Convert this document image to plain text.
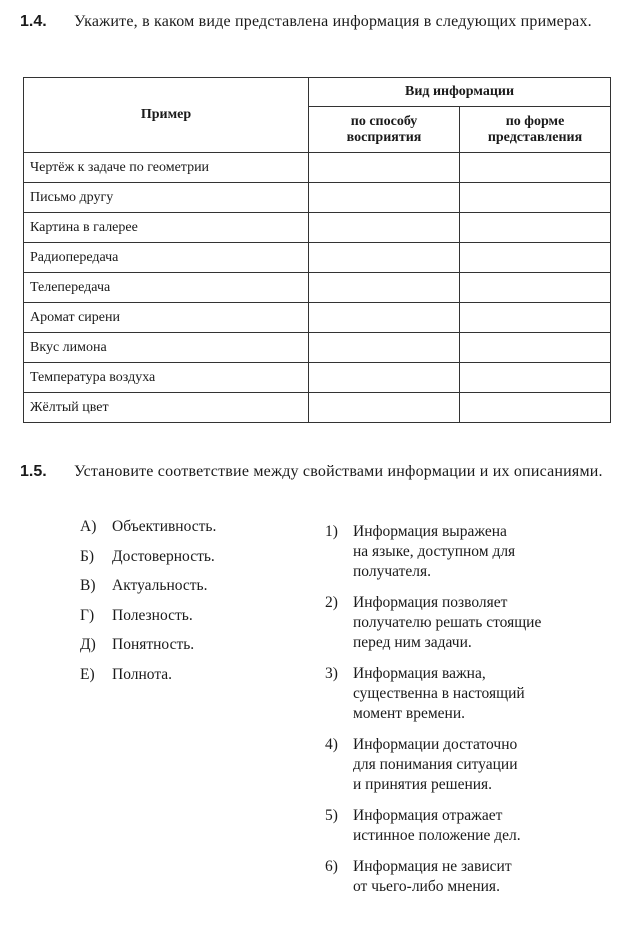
1.4.	Укажите, в каком виде представлена информация в следующих примерах.
Пример	Вид информации	
	по способу восприятия	по форме представления
Чертёж к задаче по геометрии		
Письмо другу		
Картина в галерее		
Радиопередача		
Телепередача		
Аромат сирени		
Вкус лимона		
Температура воздуха		
Жёлтый цвет		
1.5.	Установите соответствие между свойствами информации и их описаниями.
А)	Объективность.
Б)	Достоверность.
В)	Актуальность.
Г)	Полезность.
Д)	Понятность.
Е)	Полнота.
1) Информация выражена
на языке, доступном для
получателя.
2) Информация позволяет
получателю решать стоящие
перед ним задачи.
3) Информация важна,
существенна в настоящий
момент времени.
4) Информации достаточно
для понимания ситуации
и принятия решения.
5) Информация отражает
истинное положение дел.
6) Информация не зависит
от чьего-либо мнения.
